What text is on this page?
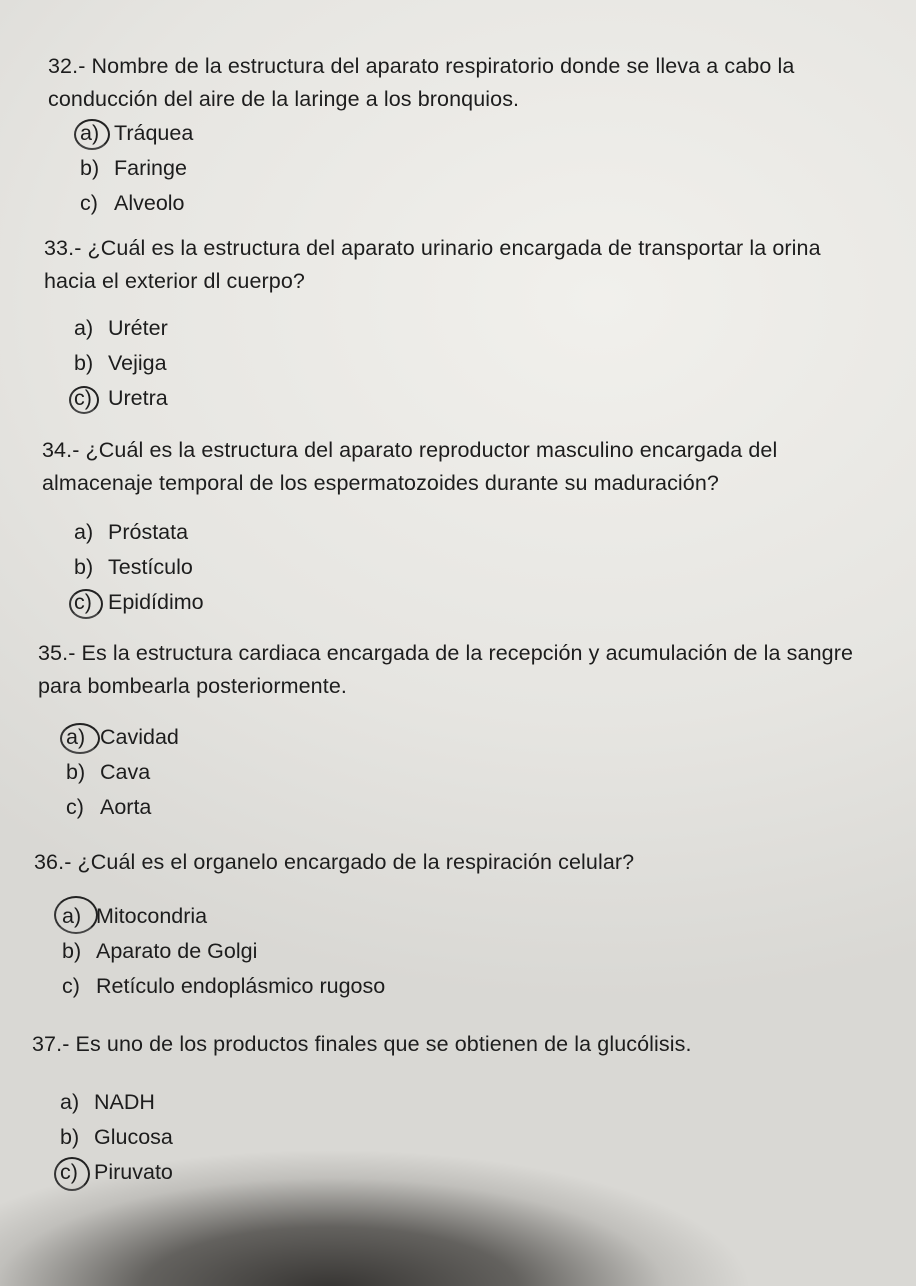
32.- Nombre de la estructura del aparato respiratorio donde se lleva a cabo la conducción del aire de la laringe a los bronquios.

a) Tráquea
b) Faringe
c) Alveolo

33.- ¿Cuál es la estructura del aparato urinario encargada de transportar la orina hacia el exterior dl cuerpo?

a) Uréter
b) Vejiga
c) Uretra

34.- ¿Cuál es la estructura del aparato reproductor masculino encargada del almacenaje temporal de los espermatozoides durante su maduración?

a) Próstata
b) Testículo
c) Epidídimo

35.- Es la estructura cardiaca encargada de la recepción y acumulación de la sangre para bombearla posteriormente.

a) Cavidad
b) Cava
c) Aorta

36.- ¿Cuál es el organelo encargado de la respiración celular?

a) Mitocondria
b) Aparato de Golgi
c) Retículo endoplásmico rugoso

37.- Es uno de los productos finales que se obtienen de la glucólisis.

a) NADH
b) Glucosa
c) Piruvato
